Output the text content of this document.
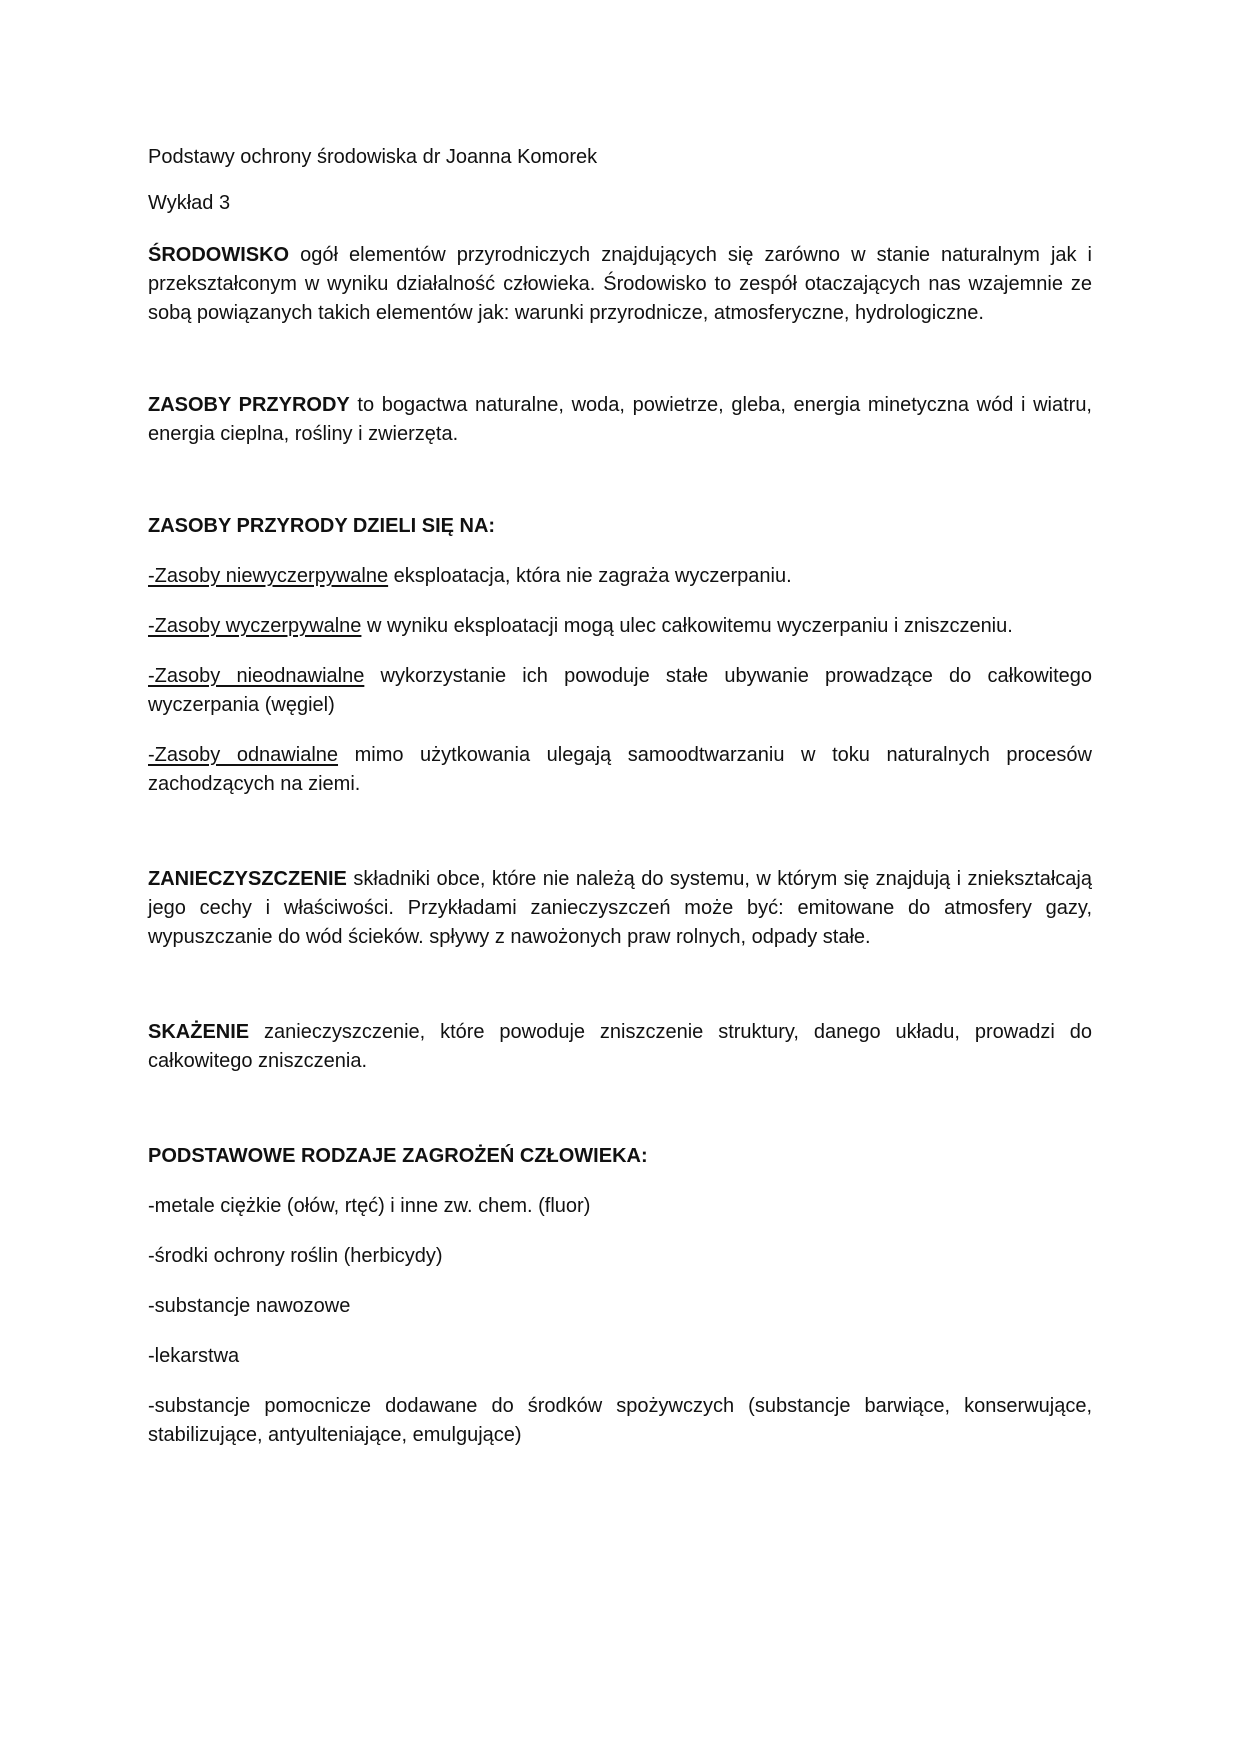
Podstawy ochrony środowiska dr Joanna Komorek

Wykład 3

ŚRODOWISKO ogół elementów przyrodniczych znajdujących się zarówno w stanie naturalnym jak i przekształconym w wyniku działalność człowieka. Środowisko to zespół otaczających nas wzajemnie ze sobą powiązanych takich elementów jak: warunki przyrodnicze, atmosferyczne, hydrologiczne.

ZASOBY PRZYRODY to bogactwa naturalne, woda, powietrze, gleba, energia minetyczna wód i wiatru, energia cieplna, rośliny i zwierzęta.

ZASOBY PRZYRODY DZIELI SIĘ NA:

-Zasoby niewyczerpywalne eksploatacja, która nie zagraża wyczerpaniu.

-Zasoby wyczerpywalne w wyniku eksploatacji mogą ulec całkowitemu wyczerpaniu i zniszczeniu.

-Zasoby nieodnawialne wykorzystanie ich powoduje stałe ubywanie prowadzące do całkowitego wyczerpania (węgiel)

-Zasoby odnawialne mimo użytkowania ulegają samoodtwarzaniu w toku naturalnych procesów zachodzących na ziemi.

ZANIECZYSZCZENIE składniki obce, które nie należą do systemu, w którym się znajdują i zniekształcają jego cechy i właściwości. Przykładami zanieczyszczeń może być: emitowane do atmosfery gazy, wypuszczanie do wód ścieków. spływy z nawożonych praw rolnych, odpady stałe.

SKAŻENIE zanieczyszczenie, które powoduje zniszczenie struktury, danego układu, prowadzi do całkowitego zniszczenia.

PODSTAWOWE RODZAJE ZAGROŻEŃ CZŁOWIEKA:

-metale ciężkie (ołów, rtęć) i inne zw. chem. (fluor)

-środki ochrony roślin (herbicydy)

-substancje nawozowe

-lekarstwa

-substancje pomocnicze dodawane do środków spożywczych (substancje barwiące, konserwujące, stabilizujące, antyulteniające, emulgujące)
